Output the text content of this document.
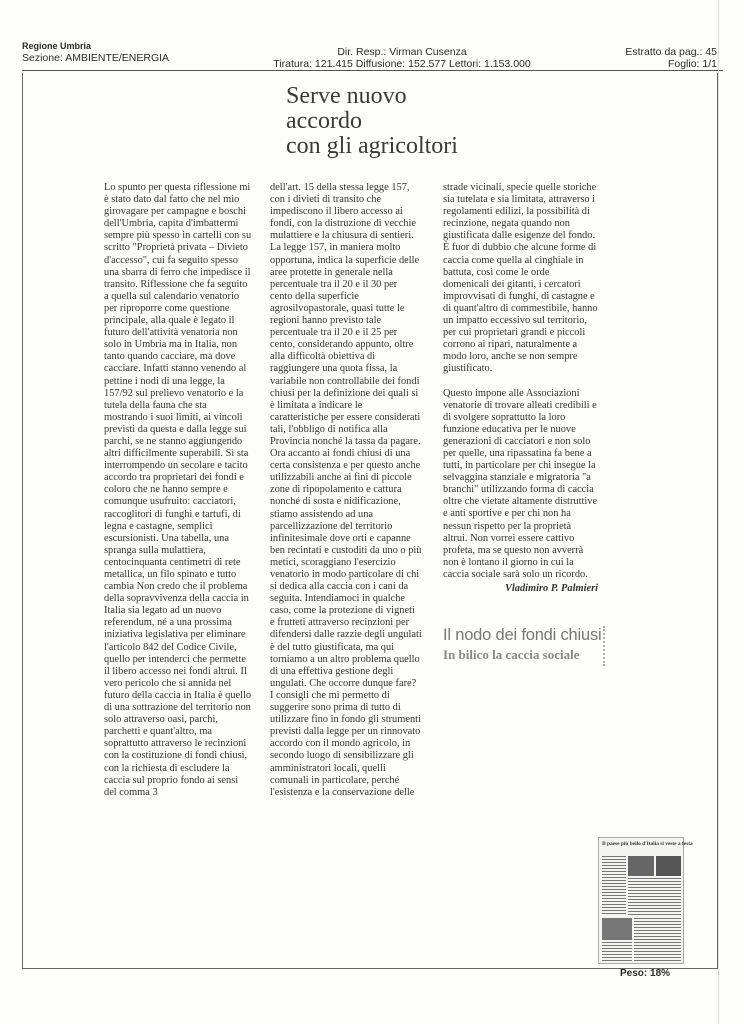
Regione Umbria
Sezione: AMBIENTE/ENERGIA	Dir. Resp.: Virman Cusenza
Tiratura: 121.415 Diffusione: 152.577 Lettori: 1.153.000
Estratto da pag.: 45
Foglio: 1/1
Serve nuovo
accordo
con gli agricoltori

Lo spunto per questa riflessione mi è stato dato dal fatto che nel mio girovagare per campagne e boschi dell'Umbria, capita d'imbattermi sempre più spesso in cartelli con su scritto "Proprietà privata – Divieto d'accesso", cui fa seguito spesso una sbarra di ferro che impedisce il transito. Riflessione che fa seguito a quella sul calendario venatorio per riproporre come questione principale, alla quale è legato il futuro dell'attività venatoria non solo in Umbria ma in Italia, non tanto quando cacciare, ma dove cacciare. Infatti stanno venendo al pettine i nodi di una legge, la 157/92 sul prelievo venatorio e la tutela della fauna che sta mostrando i suoi limiti, ai vincoli previsti da questa e dalla legge sui parchi, se ne stanno aggiungendo altri difficilmente superabili. Si sta interrompendo un secolare e tacito accordo tra proprietari dei fondi e coloro che ne hanno sempre e comunque usufruito: cacciatori, raccoglitori di funghi e tartufi, di legna e castagne, semplici escursionisti. Una tabella, una spranga sulla mulattiera, centocinquanta centimetri di rete metallica, un filo spinato e tutto cambia Non credo che il problema della sopravvivenza della caccia in Italia sia legato ad un nuovo referendum, né a una prossima iniziativa legislativa per eliminare l'articolo 842 del Codice Civile, quello per intenderci che permette il libero accesso nei fondi altrui. Il vero pericolo che si annida nel futuro della caccia in Italia è quello di una sottrazione del territorio non solo attraverso oasi, parchi, parchetti e quant'altro, ma soprattutto attraverso le recinzioni con la costituzione di fondi chiusi, con la richiesta di escludere la caccia sul proprio fondo ai sensi del comma 3

dell'art. 15 della stessa legge 157, con i divieti di transito che impediscono il libero accesso ai fondi, con la distruzione di vecchie mulattiere e la chiusura di sentieri. La legge 157, in maniera molto opportuna, indica la superficie delle aree protette in generale nella percentuale tra il 20 e il 30 per cento della superficie agrosilvopastorale, quasi tutte le regioni hanno previsto tale percentuale tra il 20 e il 25 per cento, considerando appunto, oltre alla difficoltà obiettiva di raggiungere una quota fissa, la variabile non controllabile dei fondi chiusi per la definizione dei quali si è limitata a indicare le caratteristiche per essere considerati tali, l'obbligo di notifica alla Provincia nonché la tassa da pagare. Ora accanto ai fondi chiusi di una certa consistenza e per questo anche utilizzabili anche ai fini di piccole zone di ripopolamento e cattura nonché di sosta e nidificazione, stiamo assistendo ad una parcellizzazione del territorio infinitesimale dove orti e capanne ben recintati e custoditi da uno o più metici, scoraggiano l'esercizio venatorio in modo particolare di chi si dedica alla caccia con i cani da seguita. Intendiamoci in qualche caso, come la protezione di vigneti e frutteti attraverso recinzioni per difendersi dalle razzie degli ungulati è del tutto giustificata, ma qui torniamo a un altro problema quello di una effettiva gestione degli ungulati. Che occorre dunque fare? I consigli che mi permetto di suggerire sono prima di tutto di utilizzare fino in fondo gli strumenti previsti dalla legge per un rinnovato accordo con il mondo agricolo, in secondo luogo di sensibilizzare gli amministratori locali, quelli comunali in particolare, perché l'esistenza e la conservazione delle

strade vicinali, specie quelle storiche sia tutelata e sia limitata, attraverso i regolamenti edilizi, la possibilità di recinzione, negata quando non giustificata dalle esigenze del fondo. È fuor di dubbio che alcune forme di caccia come quella al cinghiale in battuta, così come le orde domenicali dei gitanti, i cercatori improvvisati di funghi, di castagne e di quant'altro di commestibile, hanno un impatto eccessivo sul territorio, per cui proprietari grandi e piccoli corrono ai ripari, naturalmente a modo loro, anche se non sempre giustificato.

Questo impone alle Associazioni venatorie di trovare alleati credibili e di svolgere soprattutto la loro funzione educativa per le nuove generazioni di cacciatori e non solo per quelle, una ripassatina fa bene a tutti, in particolare per chi insegue la selvaggina stanziale e migratoria "a branchi" utilizzando forma di caccia oltre che vietate altamente distruttive e anti sportive e per chi non ha nessun rispetto per la proprietà altrui. Non vorrei essere cattivo profeta, ma se questo non avverrà non è lontano il giorno in cui la caccia sociale sarà solo un ricordo.

Vladimiro P. Palmieri
Il nodo dei fondi chiusi
In bilico la caccia sociale
Il paese più bello d'Italia si veste a festa
Peso: 18%
